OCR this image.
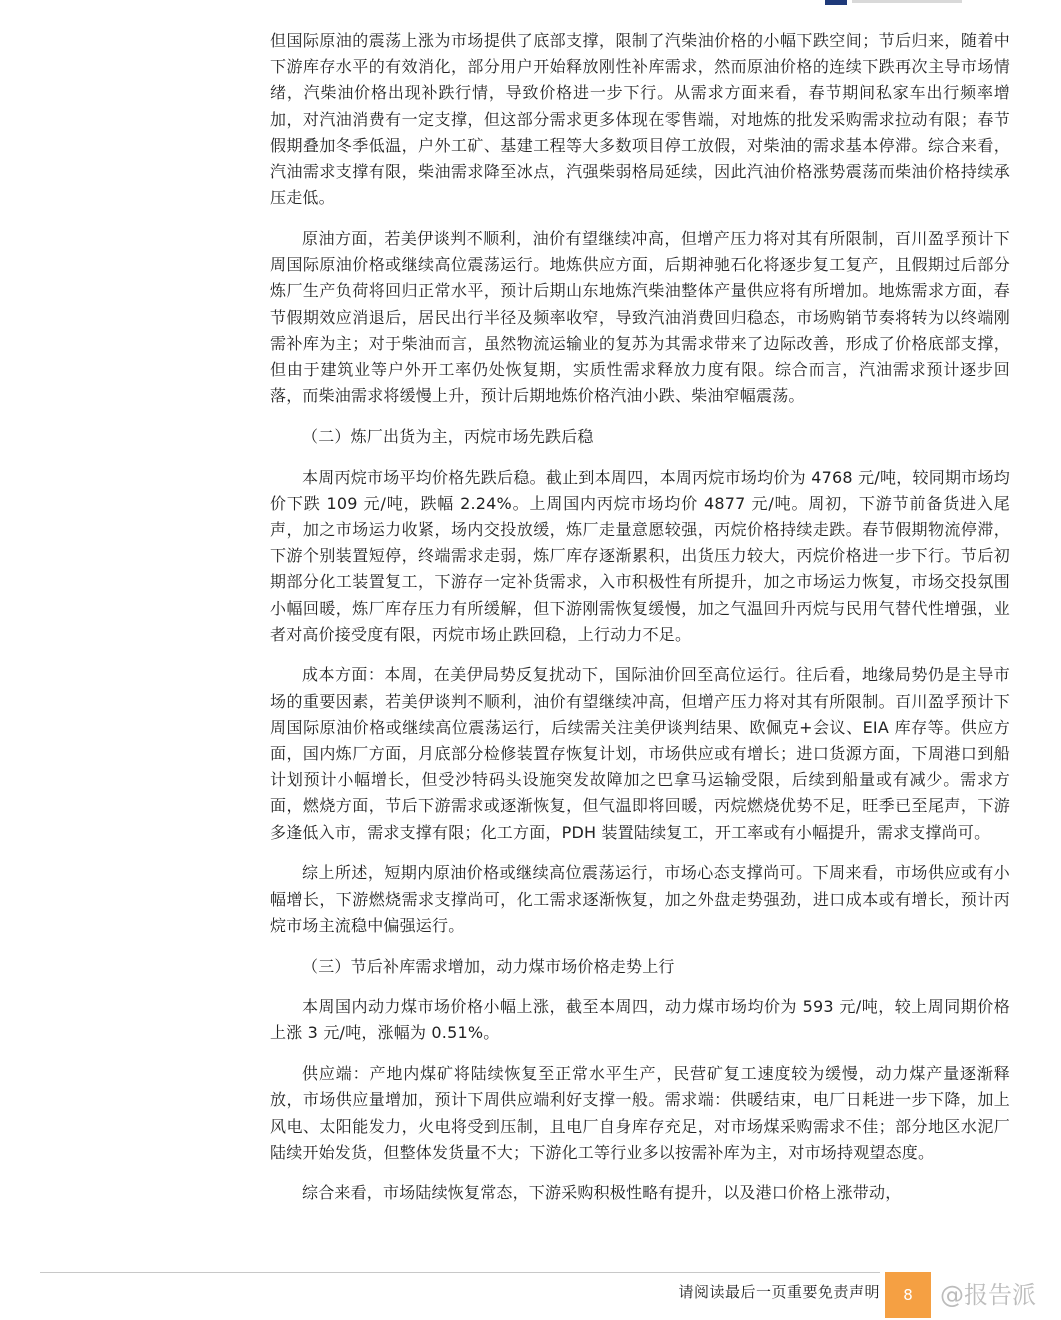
但国际原油的震荡上涨为市场提供了底部支撑，限制了汽柴油价格的小幅下跌空间；节后归来，随着中下游库存水平的有效消化，部分用户开始释放刚性补库需求，然而原油价格的连续下跌再次主导市场情绪，汽柴油价格出现补跌行情，导致价格进一步下行。从需求方面来看，春节期间私家车出行频率增加，对汽油消费有一定支撑，但这部分需求更多体现在零售端，对地炼的批发采购需求拉动有限；春节假期叠加冬季低温，户外工矿、基建工程等大多数项目停工放假，对柴油的需求基本停滞。综合来看，汽油需求支撑有限，柴油需求降至冰点，汽强柴弱格局延续，因此汽油价格涨势震荡而柴油价格持续承压走低。

原油方面，若美伊谈判不顺利，油价有望继续冲高，但增产压力将对其有所限制，百川盈孚预计下周国际原油价格或继续高位震荡运行。地炼供应方面，后期神驰石化将逐步复工复产，且假期过后部分炼厂生产负荷将回归正常水平，预计后期山东地炼汽柴油整体产量供应将有所增加。地炼需求方面，春节假期效应消退后，居民出行半径及频率收窄，导致汽油消费回归稳态，市场购销节奏将转为以终端刚需补库为主；对于柴油而言，虽然物流运输业的复苏为其需求带来了边际改善，形成了价格底部支撑，但由于建筑业等户外开工率仍处恢复期，实质性需求释放力度有限。综合而言，汽油需求预计逐步回落，而柴油需求将缓慢上升，预计后期地炼价格汽油小跌、柴油窄幅震荡。

（二）炼厂出货为主，丙烷市场先跌后稳

本周丙烷市场平均价格先跌后稳。截止到本周四，本周丙烷市场均价为 4768 元/吨，较同期市场均价下跌 109 元/吨，跌幅 2.24%。上周国内丙烷市场均价 4877 元/吨。周初，下游节前备货进入尾声，加之市场运力收紧，场内交投放缓，炼厂走量意愿较强，丙烷价格持续走跌。春节假期物流停滞，下游个别装置短停，终端需求走弱，炼厂库存逐渐累积，出货压力较大，丙烷价格进一步下行。节后初期部分化工装置复工，下游存一定补货需求，入市积极性有所提升，加之市场运力恢复，市场交投氛围小幅回暖，炼厂库存压力有所缓解，但下游刚需恢复缓慢，加之气温回升丙烷与民用气替代性增强，业者对高价接受度有限，丙烷市场止跌回稳，上行动力不足。

成本方面：本周，在美伊局势反复扰动下，国际油价回至高位运行。往后看，地缘局势仍是主导市场的重要因素，若美伊谈判不顺利，油价有望继续冲高，但增产压力将对其有所限制。百川盈孚预计下周国际原油价格或继续高位震荡运行，后续需关注美伊谈判结果、欧佩克+会议、EIA 库存等。供应方面，国内炼厂方面，月底部分检修装置存恢复计划，市场供应或有增长；进口货源方面，下周港口到船计划预计小幅增长，但受沙特码头设施突发故障加之巴拿马运输受限，后续到船量或有减少。需求方面，燃烧方面，节后下游需求或逐渐恢复，但气温即将回暖，丙烷燃烧优势不足，旺季已至尾声，下游多逢低入市，需求支撑有限；化工方面，PDH 装置陆续复工，开工率或有小幅提升，需求支撑尚可。

综上所述，短期内原油价格或继续高位震荡运行，市场心态支撑尚可。下周来看，市场供应或有小幅增长，下游燃烧需求支撑尚可，化工需求逐渐恢复，加之外盘走势强劲，进口成本或有增长，预计丙烷市场主流稳中偏强运行。

（三）节后补库需求增加，动力煤市场价格走势上行

本周国内动力煤市场价格小幅上涨，截至本周四，动力煤市场均价为 593 元/吨，较上周同期价格上涨 3 元/吨，涨幅为 0.51%。

供应端：产地内煤矿将陆续恢复至正常水平生产，民营矿复工速度较为缓慢，动力煤产量逐渐释放，市场供应量增加，预计下周供应端利好支撑一般。需求端：供暖结束，电厂日耗进一步下降，加上风电、太阳能发力，火电将受到压制，且电厂自身库存充足，对市场煤采购需求不佳；部分地区水泥厂陆续开始发货，但整体发货量不大；下游化工等行业多以按需补库为主，对市场持观望态度。

综合来看，市场陆续恢复常态，下游采购积极性略有提升，以及港口价格上涨带动，

请阅读最后一页重要免责声明	8	@报告派
